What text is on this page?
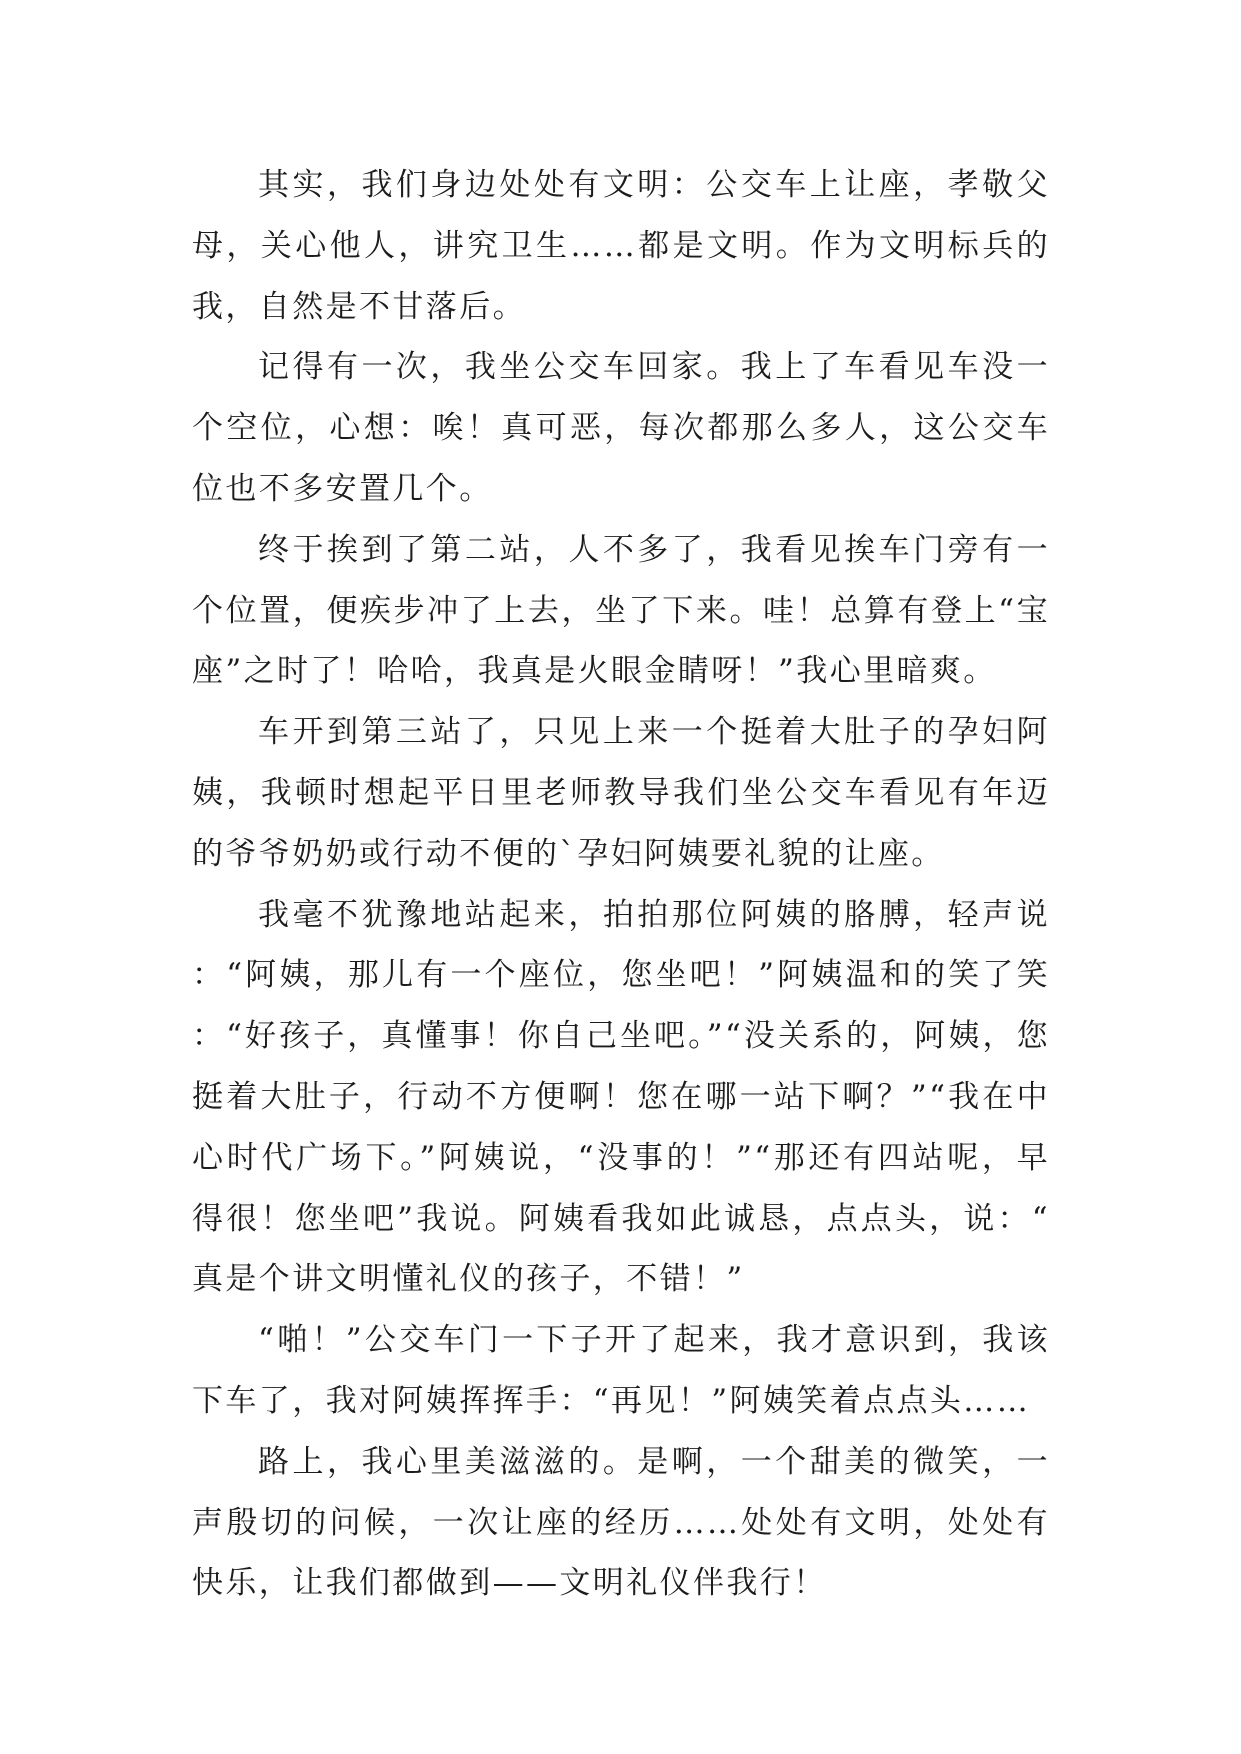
其实，我们身边处处有文明：公交车上让座，孝敬父母，关心他人，讲究卫生……都是文明。作为文明标兵的我，自然是不甘落后。

记得有一次，我坐公交车回家。我上了车看见车没一个空位，心想：唉！真可恶，每次都那么多人，这公交车位也不多安置几个。

终于挨到了第二站，人不多了，我看见挨车门旁有一个位置，便疾步冲了上去，坐了下来。哇！总算有登上“宝座”之时了！哈哈，我真是火眼金睛呀！”我心里暗爽。

车开到第三站了，只见上来一个挺着大肚子的孕妇阿姨，我顿时想起平日里老师教导我们坐公交车看见有年迈的爷爷奶奶或行动不便的`孕妇阿姨要礼貌的让座。

我毫不犹豫地站起来，拍拍那位阿姨的胳膊，轻声说：“阿姨，那儿有一个座位，您坐吧！”阿姨温和的笑了笑：“好孩子，真懂事！你自己坐吧。”“没关系的，阿姨，您挺着大肚子，行动不方便啊！您在哪一站下啊？”“我在中心时代广场下。”阿姨说，“没事的！”“那还有四站呢，早得很！您坐吧”我说。阿姨看我如此诚恳，点点头，说：“真是个讲文明懂礼仪的孩子，不错！”

“啪！”公交车门一下子开了起来，我才意识到，我该下车了，我对阿姨挥挥手：“再见！”阿姨笑着点点头……

路上，我心里美滋滋的。是啊，一个甜美的微笑，一声殷切的问候，一次让座的经历……处处有文明，处处有快乐，让我们都做到——文明礼仪伴我行！
